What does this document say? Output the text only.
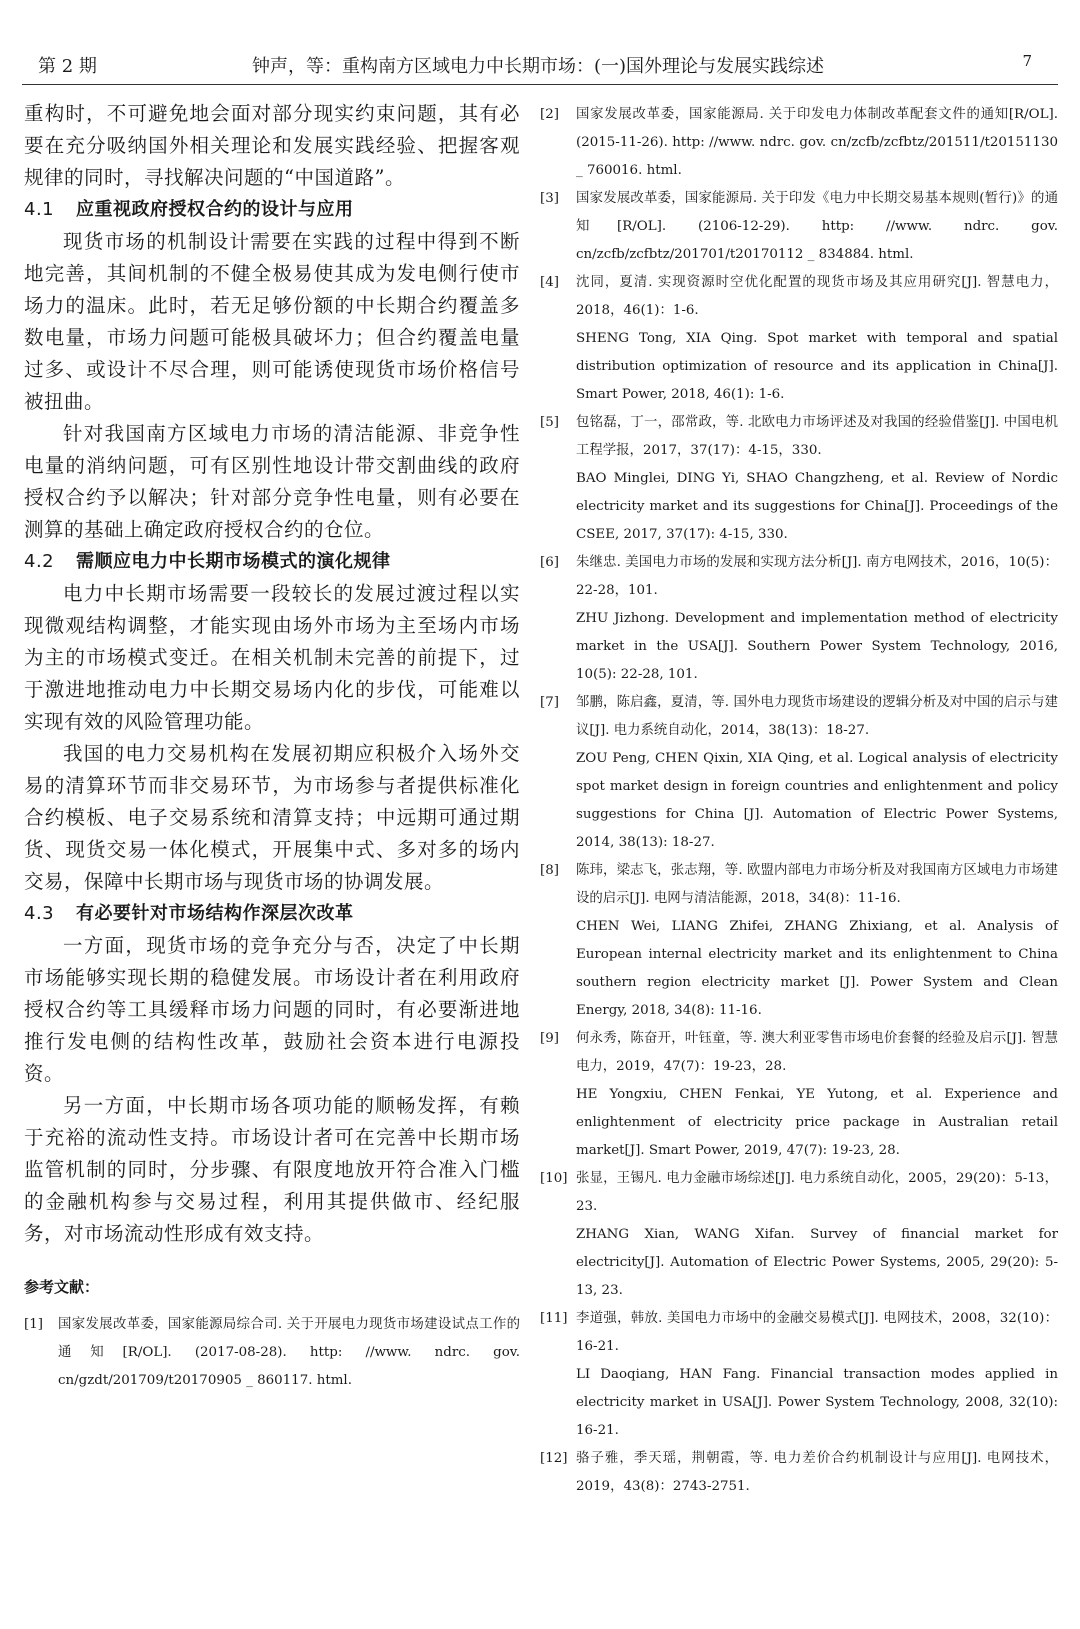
第 2 期	钟声，等：重构南方区域电力中长期市场：(一)国外理论与发展实践综述	7

重构时，不可避免地会面对部分现实约束问题，其有必要在充分吸纳国外相关理论和发展实践经验、把握客观规律的同时，寻找解决问题的“中国道路”。

4.1 应重视政府授权合约的设计与应用

现货市场的机制设计需要在实践的过程中得到不断地完善，其间机制的不健全极易使其成为发电侧行使市场力的温床。此时，若无足够份额的中长期合约覆盖多数电量，市场力问题可能极具破坏力；但合约覆盖电量过多、或设计不尽合理，则可能诱使现货市场价格信号被扭曲。

针对我国南方区域电力市场的清洁能源、非竞争性电量的消纳问题，可有区别性地设计带交割曲线的政府授权合约予以解决；针对部分竞争性电量，则有必要在测算的基础上确定政府授权合约的仓位。

4.2 需顺应电力中长期市场模式的演化规律

电力中长期市场需要一段较长的发展过渡过程以实现微观结构调整，才能实现由场外市场为主至场内市场为主的市场模式变迁。在相关机制未完善的前提下，过于激进地推动电力中长期交易场内化的步伐，可能难以实现有效的风险管理功能。

我国的电力交易机构在发展初期应积极介入场外交易的清算环节而非交易环节，为市场参与者提供标准化合约模板、电子交易系统和清算支持；中远期可通过期货、现货交易一体化模式，开展集中式、多对多的场内交易，保障中长期市场与现货市场的协调发展。

4.3 有必要针对市场结构作深层次改革

一方面，现货市场的竞争充分与否，决定了中长期市场能够实现长期的稳健发展。市场设计者在利用政府授权合约等工具缓释市场力问题的同时，有必要渐进地推行发电侧的结构性改革，鼓励社会资本进行电源投资。

另一方面，中长期市场各项功能的顺畅发挥，有赖于充裕的流动性支持。市场设计者可在完善中长期市场监管机制的同时，分步骤、有限度地放开符合准入门槛的金融机构参与交易过程，利用其提供做市、经纪服务，对市场流动性形成有效支持。

参考文献：
[1] 国家发展改革委，国家能源局综合司. 关于开展电力现货市场建设试点工作的通知[R/OL]. (2017-08-28). http: //www. ndrc. gov. cn/gzdt/201709/t20170905 _ 860117. html.
[2] 国家发展改革委，国家能源局. 关于印发电力体制改革配套文件的通知[R/OL]. (2015-11-26). http: //www. ndrc. gov. cn/zcfb/zcfbtz/201511/t20151130 _ 760016. html.
[3] 国家发展改革委，国家能源局. 关于印发《电力中长期交易基本规则(暂行)》的通知[R/OL]. (2106-12-29). http: //www. ndrc. gov. cn/zcfb/zcfbtz/201701/t20170112 _ 834884. html.
[4] 沈同，夏清. 实现资源时空优化配置的现货市场及其应用研究[J]. 智慧电力，2018，46(1)：1-6.
SHENG Tong, XIA Qing. Spot market with temporal and spatial distribution optimization of resource and its application in China[J]. Smart Power, 2018, 46(1): 1-6.
[5] 包铭磊，丁一，邵常政，等. 北欧电力市场评述及对我国的经验借鉴[J]. 中国电机工程学报，2017，37(17)：4-15，330.
BAO Minglei, DING Yi, SHAO Changzheng, et al. Review of Nordic electricity market and its suggestions for China[J]. Proceedings of the CSEE, 2017, 37(17): 4-15, 330.
[6] 朱继忠. 美国电力市场的发展和实现方法分析[J]. 南方电网技术，2016，10(5)：22-28，101.
ZHU Jizhong. Development and implementation method of electricity market in the USA[J]. Southern Power System Technology, 2016, 10(5): 22-28, 101.
[7] 邹鹏，陈启鑫，夏清，等. 国外电力现货市场建设的逻辑分析及对中国的启示与建议[J]. 电力系统自动化，2014，38(13)：18-27.
ZOU Peng, CHEN Qixin, XIA Qing, et al. Logical analysis of electricity spot market design in foreign countries and enlightenment and policy suggestions for China [J]. Automation of Electric Power Systems, 2014, 38(13): 18-27.
[8] 陈玮，梁志飞，张志翔，等. 欧盟内部电力市场分析及对我国南方区域电力市场建设的启示[J]. 电网与清洁能源，2018，34(8)：11-16.
CHEN Wei, LIANG Zhifei, ZHANG Zhixiang, et al. Analysis of European internal electricity market and its enlightenment to China southern region electricity market [J]. Power System and Clean Energy, 2018, 34(8): 11-16.
[9] 何永秀，陈奋开，叶钰童，等. 澳大利亚零售市场电价套餐的经验及启示[J]. 智慧电力，2019，47(7)：19-23，28.
HE Yongxiu, CHEN Fenkai, YE Yutong, et al. Experience and enlightenment of electricity price package in Australian retail market[J]. Smart Power, 2019, 47(7): 19-23, 28.
[10] 张显，王锡凡. 电力金融市场综述[J]. 电力系统自动化，2005，29(20)：5-13，23.
ZHANG Xian, WANG Xifan. Survey of financial market for electricity[J]. Automation of Electric Power Systems, 2005, 29(20): 5-13, 23.
[11] 李道强，韩放. 美国电力市场中的金融交易模式[J]. 电网技术，2008，32(10)：16-21.
LI Daoqiang, HAN Fang. Financial transaction modes applied in electricity market in USA[J]. Power System Technology, 2008, 32(10): 16-21.
[12] 骆子雅，季天瑶，荆朝霞，等. 电力差价合约机制设计与应用[J]. 电网技术，2019，43(8)：2743-2751.
